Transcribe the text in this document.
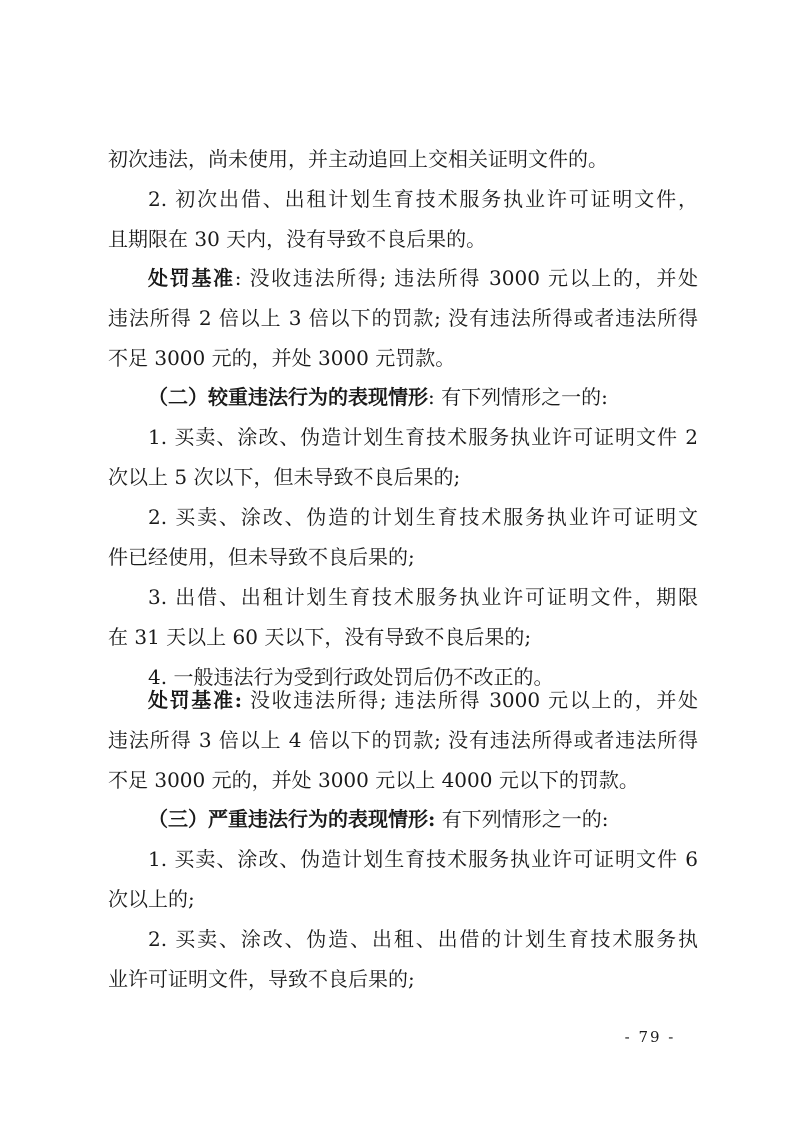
初次违法，尚未使用，并主动追回上交相关证明文件的。
2. 初次出借、出租计划生育技术服务执业许可证明文件，
且期限在 30 天内，没有导致不良后果的。
处罚基准: 没收违法所得; 违法所得 3000 元以上的，并处
违法所得 2 倍以上 3 倍以下的罚款; 没有违法所得或者违法所得
不足 3000 元的，并处 3000 元罚款。
（二）较重违法行为的表现情形: 有下列情形之一的:
1. 买卖、涂改、伪造计划生育技术服务执业许可证明文件 2
次以上 5 次以下，但未导致不良后果的;
2. 买卖、涂改、伪造的计划生育技术服务执业许可证明文
件已经使用，但未导致不良后果的;
3. 出借、出租计划生育技术服务执业许可证明文件，期限
在 31 天以上 60 天以下，没有导致不良后果的;
4. 一般违法行为受到行政处罚后仍不改正的。
处罚基准: 没收违法所得; 违法所得 3000 元以上的，并处
违法所得 3 倍以上 4 倍以下的罚款; 没有违法所得或者违法所得
不足 3000 元的，并处 3000 元以上 4000 元以下的罚款。
（三）严重违法行为的表现情形: 有下列情形之一的:
1. 买卖、涂改、伪造计划生育技术服务执业许可证明文件 6
次以上的;
2. 买卖、涂改、伪造、出租、出借的计划生育技术服务执
业许可证明文件，导致不良后果的;
- 79 -
